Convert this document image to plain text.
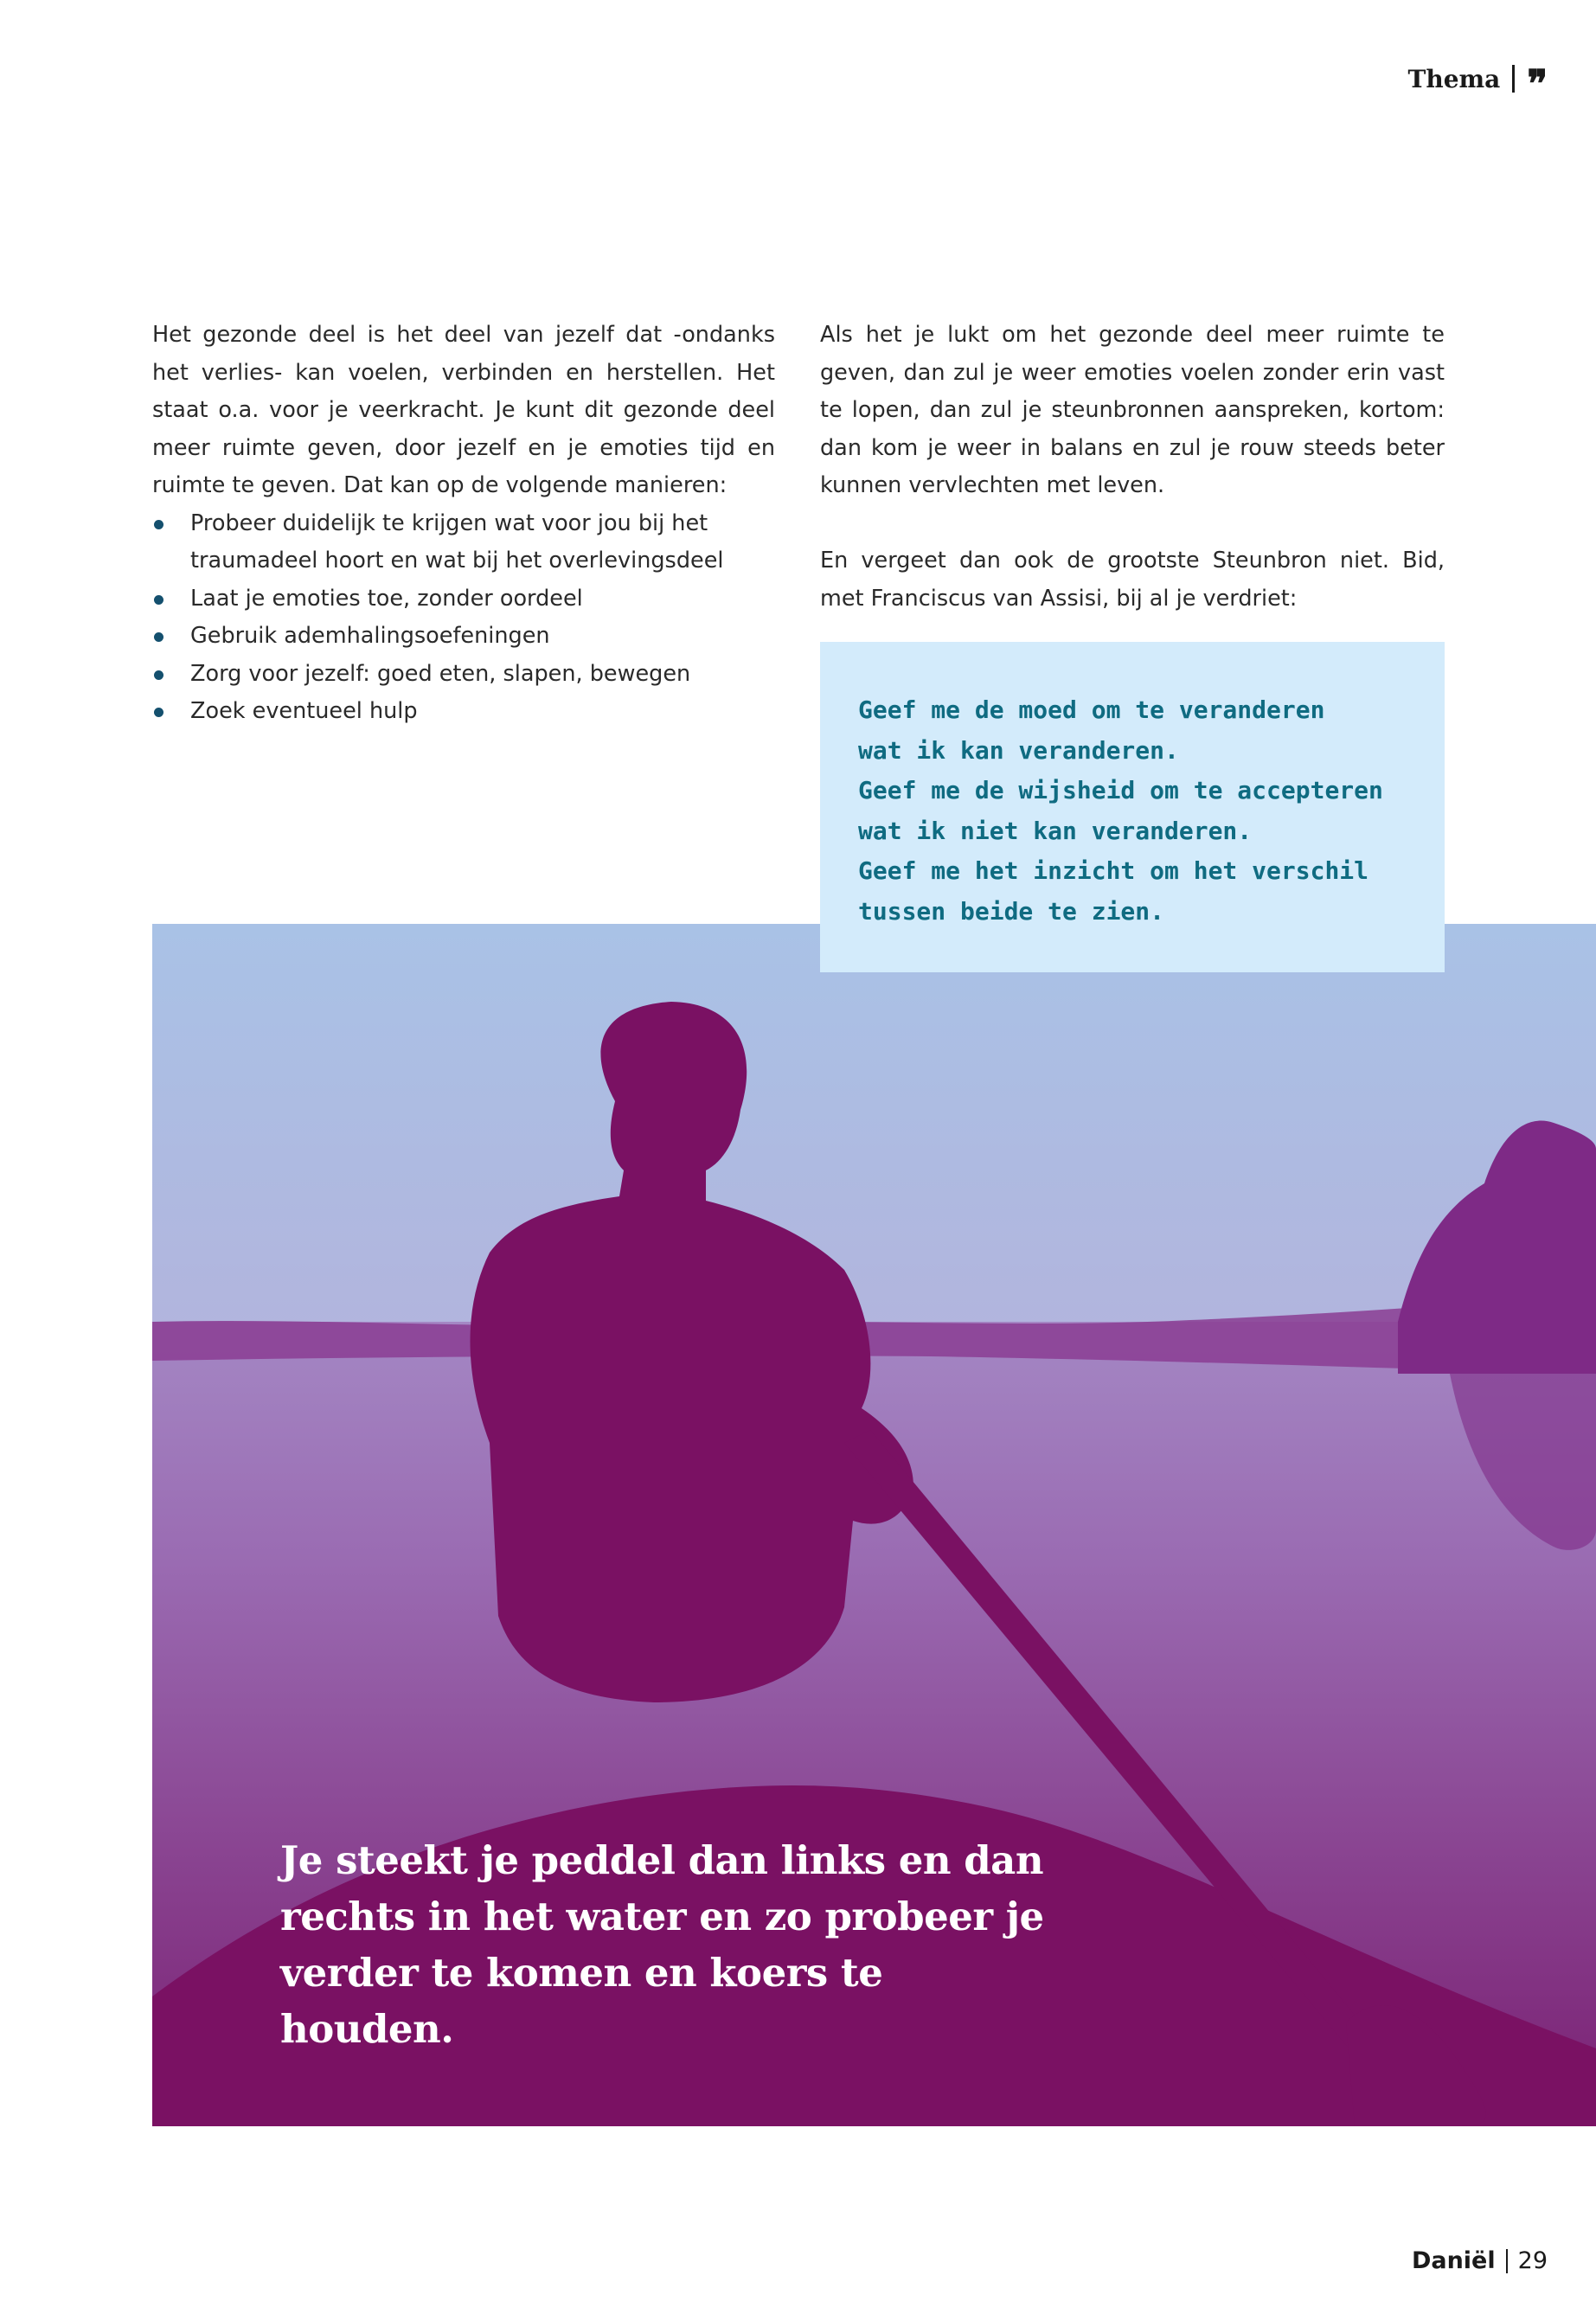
Thema ❞

Het gezonde deel is het deel van jezelf dat -ondanks het verlies- kan voelen, verbinden en herstellen. Het staat o.a. voor je veerkracht. Je kunt dit gezonde deel meer ruimte geven, door jezelf en je emoties tijd en ruimte te geven. Dat kan op de volgende manieren:

Probeer duidelijk te krijgen wat voor jou bij het traumadeel hoort en wat bij het overlevingsdeel
Laat je emoties toe, zonder oordeel
Gebruik ademhalingsoefeningen
Zorg voor jezelf: goed eten, slapen, bewegen
Zoek eventueel hulp

Als het je lukt om het gezonde deel meer ruimte te geven, dan zul je weer emoties voelen zonder erin vast te lopen, dan zul je steunbronnen aanspreken, kortom: dan kom je weer in balans en zul je rouw steeds beter kunnen vervlechten met leven.

En vergeet dan ook de grootste Steunbron niet. Bid, met Franciscus van Assisi, bij al je verdriet:

Geef me de moed om te veranderen
wat ik kan veranderen.
Geef me de wijsheid om te accepteren
wat ik niet kan veranderen.
Geef me het inzicht om het verschil
tussen beide te zien.
Je steekt je peddel dan links en dan
rechts in het water en zo probeer je
verder te komen en koers te houden.
Daniël 29
